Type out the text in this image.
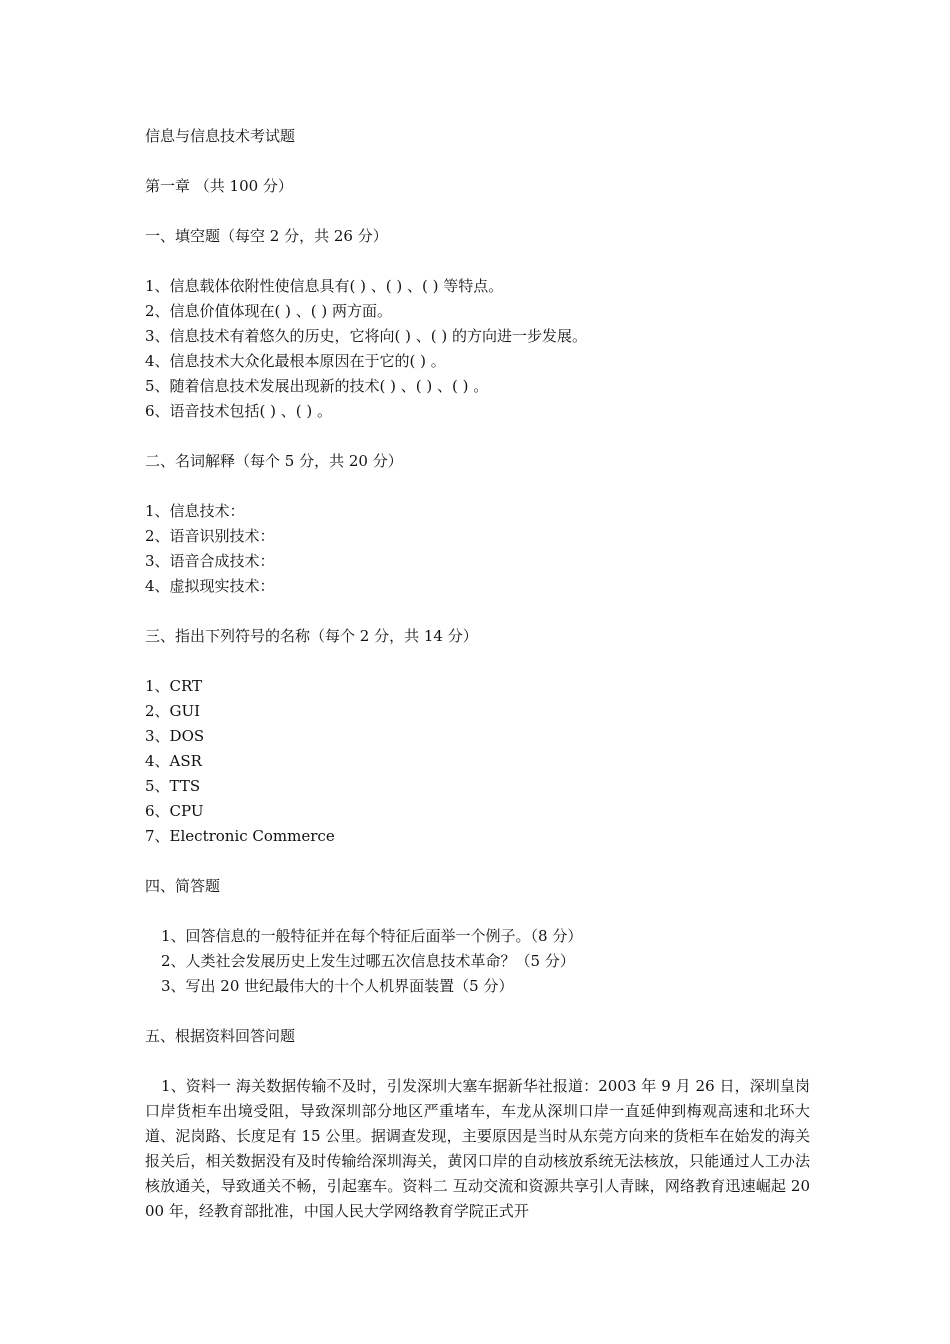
信息与信息技术考试题
第一章 （共 100 分）
一、填空题（每空 2 分，共 26 分）
1、信息载体依附性使信息具有( ) 、( ) 、( ) 等特点。
2、信息价值体现在( ) 、( ) 两方面。
3、信息技术有着悠久的历史，它将向( ) 、( ) 的方向进一步发展。
4、信息技术大众化最根本原因在于它的( ) 。
5、随着信息技术发展出现新的技术( ) 、( ) 、( ) 。
6、语音技术包括( ) 、( ) 。
二、名词解释（每个 5 分，共 20 分）
1、信息技术：
2、语音识别技术：
3、语音合成技术：
4、虚拟现实技术：
三、指出下列符号的名称（每个 2 分，共 14 分）
1、CRT
2、GUI
3、DOS
4、ASR
5、TTS
6、CPU
7、Electronic Commerce
四、简答题
1、回答信息的一般特征并在每个特征后面举一个例子。（8 分）
2、人类社会发展历史上发生过哪五次信息技术革命？（5 分）
3、写出 20 世纪最伟大的十个人机界面装置（5 分）
五、根据资料回答问题
1、资料一 海关数据传输不及时，引发深圳大塞车据新华社报道：2003 年 9 月 26 日，深圳皇岗口岸货柜车出境受阻，导致深圳部分地区严重堵车，车龙从深圳口岸一直延伸到梅观高速和北环大道、泥岗路、长度足有 15 公里。据调查发现，主要原因是当时从东莞方向来的货柜车在始发的海关报关后，相关数据没有及时传输给深圳海关，黄冈口岸的自动核放系统无法核放，只能通过人工办法核放通关，导致通关不畅，引起塞车。资料二 互动交流和资源共享引人青睐，网络教育迅速崛起 2000 年，经教育部批准，中国人民大学网络教育学院正式开
